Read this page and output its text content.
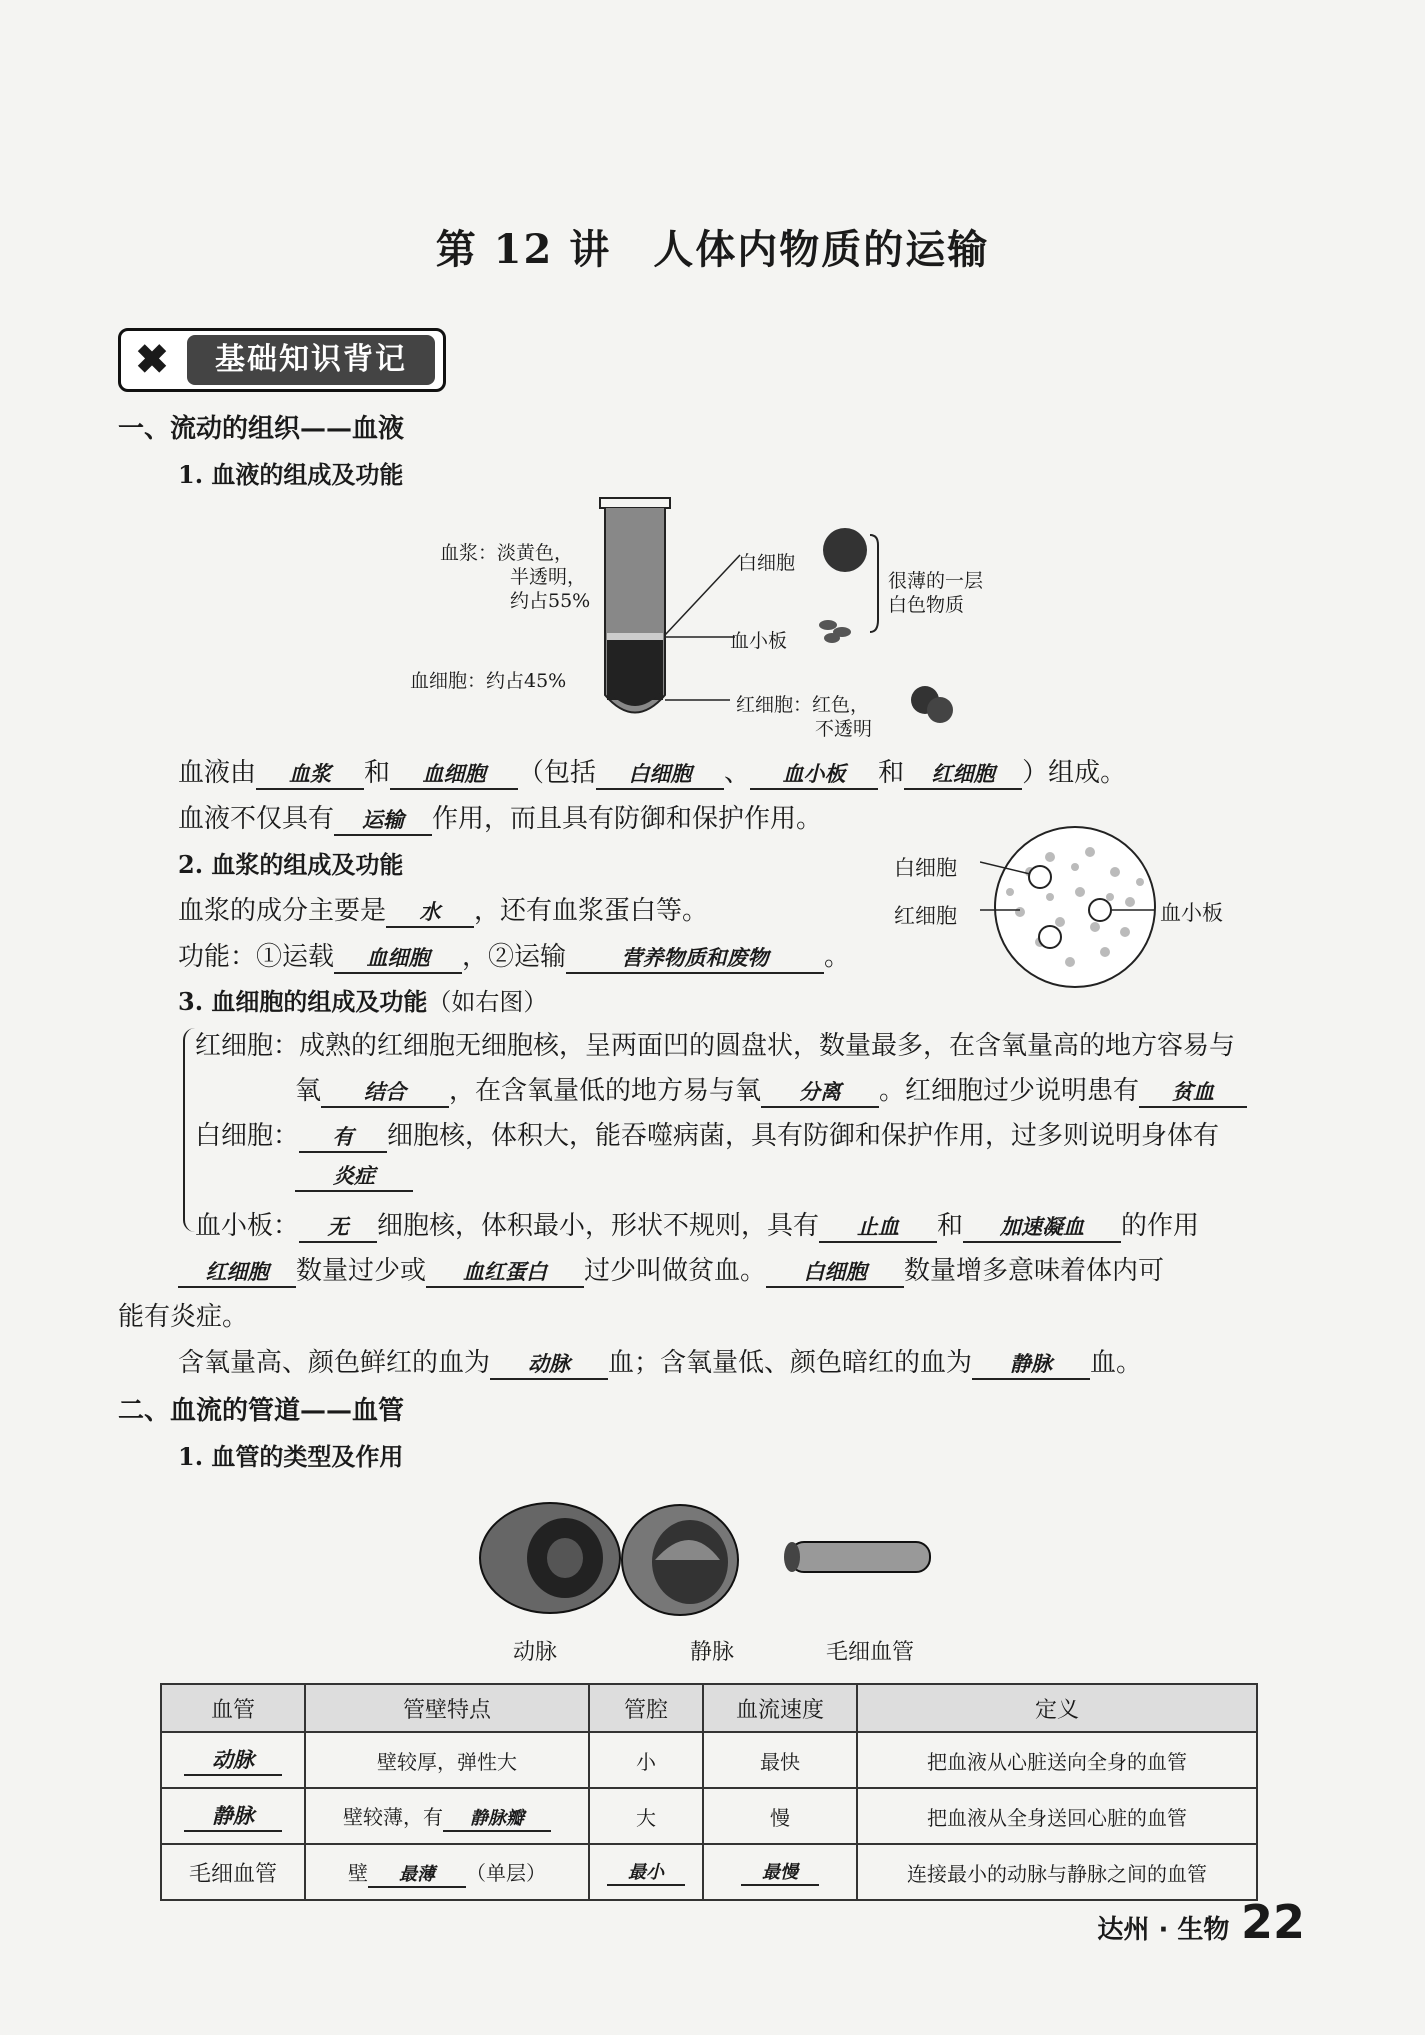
第 12 讲　人体内物质的运输
✖	基础知识背记
一、流动的组织——血液
1. 血液的组成及功能
血浆：淡黄色，
半透明，
约占55%
血细胞：约占45%
白细胞
血小板
很薄的一层
白色物质
红细胞：红色，
不透明
血液由 血浆 和 血细胞 （包括 白细胞 、 血小板 和 红细胞 ）组成。
血液不仅具有 运输 作用，而且具有防御和保护作用。
2. 血浆的组成及功能
血浆的成分主要是 水 ，还有血浆蛋白等。
功能：①运载 血细胞 ，②运输	营养物质和废物 。
白细胞
红细胞	血小板
3. 血细胞的组成及功能（如右图）
红细胞：成熟的红细胞无细胞核，呈两面凹的圆盘状，数量最多，在含氧量高的地方容易与
氧 结合 ，在含氧量低的地方易与氧 分离 。红细胞过少说明患有 贫血
白细胞： 有 细胞核，体积大，能吞噬病菌，具有防御和保护作用，过多则说明身体有
炎症
血小板： 无 细胞核，体积最小，形状不规则，具有 止血 和 加速凝血 的作用
红细胞 数量过少或 血红蛋白 过少叫做贫血。 白细胞 数量增多意味着体内可
能有炎症。
含氧量高、颜色鲜红的血为 动脉 血；含氧量低、颜色暗红的血为 静脉 血。
二、血流的管道——血管
1. 血管的类型及作用
动脉	静脉	毛细血管
血管	管壁特点	管腔	血流速度	定义
动脉	壁较厚，弹性大	小	最快	把血液从心脏送向全身的血管
静脉	壁较薄，有 静脉瓣	大	慢	把血液从全身送回心脏的血管
毛细血管	壁 最薄 （单层）	最小	最慢	连接最小的动脉与静脉之间的血管
达州 · 生物 22
